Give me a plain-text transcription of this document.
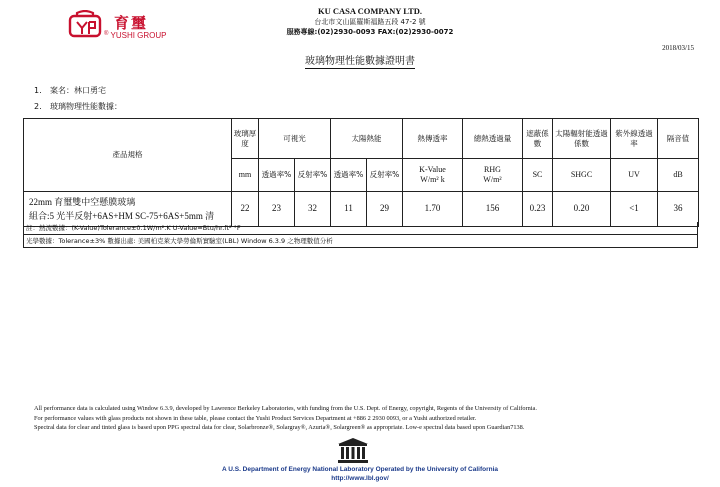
育璽
® YUSHI GROUP
KU CASA COMPANY LTD.
台北市文山區羅斯福路五段 47-2 號
服務專線:(02)2930-0093 FAX:(02)2930-0072
2018/03/15
玻璃物理性能數據證明書
1. 案名：林口勇宅
2. 玻璃物理性能數據：
產品規格	玻璃厚度	可視光		太陽熱能		熱傳透率	總熱透過量	遮蔽係數	太陽輻射能透過係數	紫外線透過率	隔音值
	mm	透過率%	反射率%	透過率%	反射率%	K-Value
W/m² k	RHG
W/m²	SC	SHGC	UV	dB

22mm 育璽雙中空懸膜玻璃
組合:5 光半反射+6AS+HM SC-75+6AS+5mm 清	22	23	32	11	29	1.70	156	0.23	0.20	<1	36
註：熱流數據：(K-Value)Tolerance±0.1W/m².K U-Value=Btu/hr.ft² °F
光學數據：Tolerance±3% 數據出處: 美國柏克萊大學勞倫斯實驗室(LBL) Window 6.3.9 之物理數值分析

All performance data is calculated using Window 6.3.9, developed by Lawrence Berkeley Laboratories, with funding from the U.S. Dept. of Energy, copyright, Regents of the University of California.

For performance values with glass products not shown in these table, please contact the Yushi Product Services Department at +886 2 2930 0093, or a Yushi authorized retailer.

Spectral data for clear and tinted glass is based upon PPG spectral data for clear, Solarbronze®, Solargray®, Azuria®, Solargreen® as appropriate. Low-e spectral data based upon Guardian7138.

A U.S. Department of Energy National Laboratory Operated by the University of California
http://www.lbl.gov/
